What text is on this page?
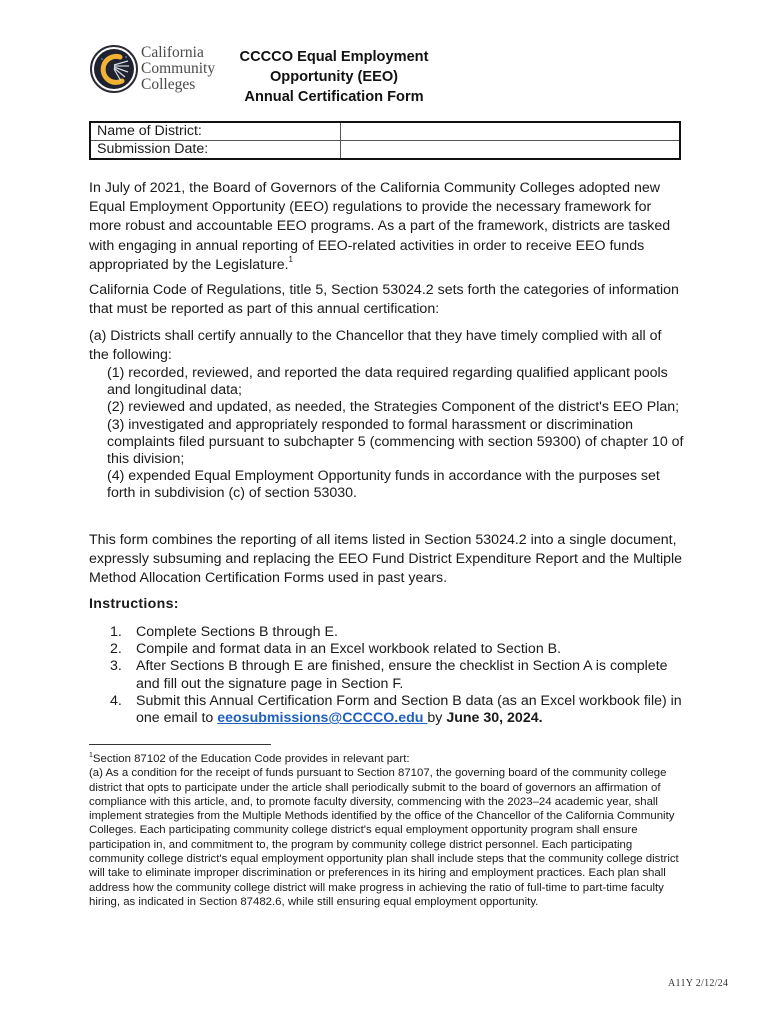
California
Community
Colleges
CCCCO Equal Employment Opportunity (EEO)
Annual Certification Form
Name of District:	
Submission Date:	
In July of 2021, the Board of Governors of the California Community Colleges adopted new Equal Employment Opportunity (EEO) regulations to provide the necessary framework for more robust and accountable EEO programs. As a part of the framework, districts are tasked with engaging in annual reporting of EEO-related activities in order to receive EEO funds appropriated by the Legislature.$^1$
California Code of Regulations, title 5, Section 53024.2 sets forth the categories of information that must be reported as part of this annual certification:
(a) Districts shall certify annually to the Chancellor that they have timely complied with all of the following:
(1) recorded, reviewed, and reported the data required regarding qualified applicant pools and longitudinal data;
(2) reviewed and updated, as needed, the Strategies Component of the district's EEO Plan;
(3) investigated and appropriately responded to formal harassment or discrimination complaints filed pursuant to subchapter 5 (commencing with section 59300) of chapter 10 of this division;
(4) expended Equal Employment Opportunity funds in accordance with the purposes set forth in subdivision (c) of section 53030.
This form combines the reporting of all items listed in Section 53024.2 into a single document, expressly subsuming and replacing the EEO Fund District Expenditure Report and the Multiple Method Allocation Certification Forms used in past years.
Instructions:
1. Complete Sections B through E.
2. Compile and format data in an Excel workbook related to Section B.
3. After Sections B through E are finished, ensure the checklist in Section A is complete and fill out the signature page in Section F.
4. Submit this Annual Certification Form and Section B data (as an Excel workbook file) in one email to eeosubmissions@CCCCO.edu by June 30, 2024.
$^1$Section 87102 of the Education Code provides in relevant part:
(a) As a condition for the receipt of funds pursuant to Section 87107, the governing board of the community college district that opts to participate under the article shall periodically submit to the board of governors an affirmation of compliance with this article, and, to promote faculty diversity, commencing with the 2023–24 academic year, shall implement strategies from the Multiple Methods identified by the office of the Chancellor of the California Community Colleges. Each participating community college district's equal employment opportunity program shall ensure participation in, and commitment to, the program by community college district personnel. Each participating community college district's equal employment opportunity plan shall include steps that the community college district will take to eliminate improper discrimination or preferences in its hiring and employment practices. Each plan shall address how the community college district will make progress in achieving the ratio of full-time to part-time faculty hiring, as indicated in Section 87482.6, while still ensuring equal employment opportunity.
A11Y 2/12/24
